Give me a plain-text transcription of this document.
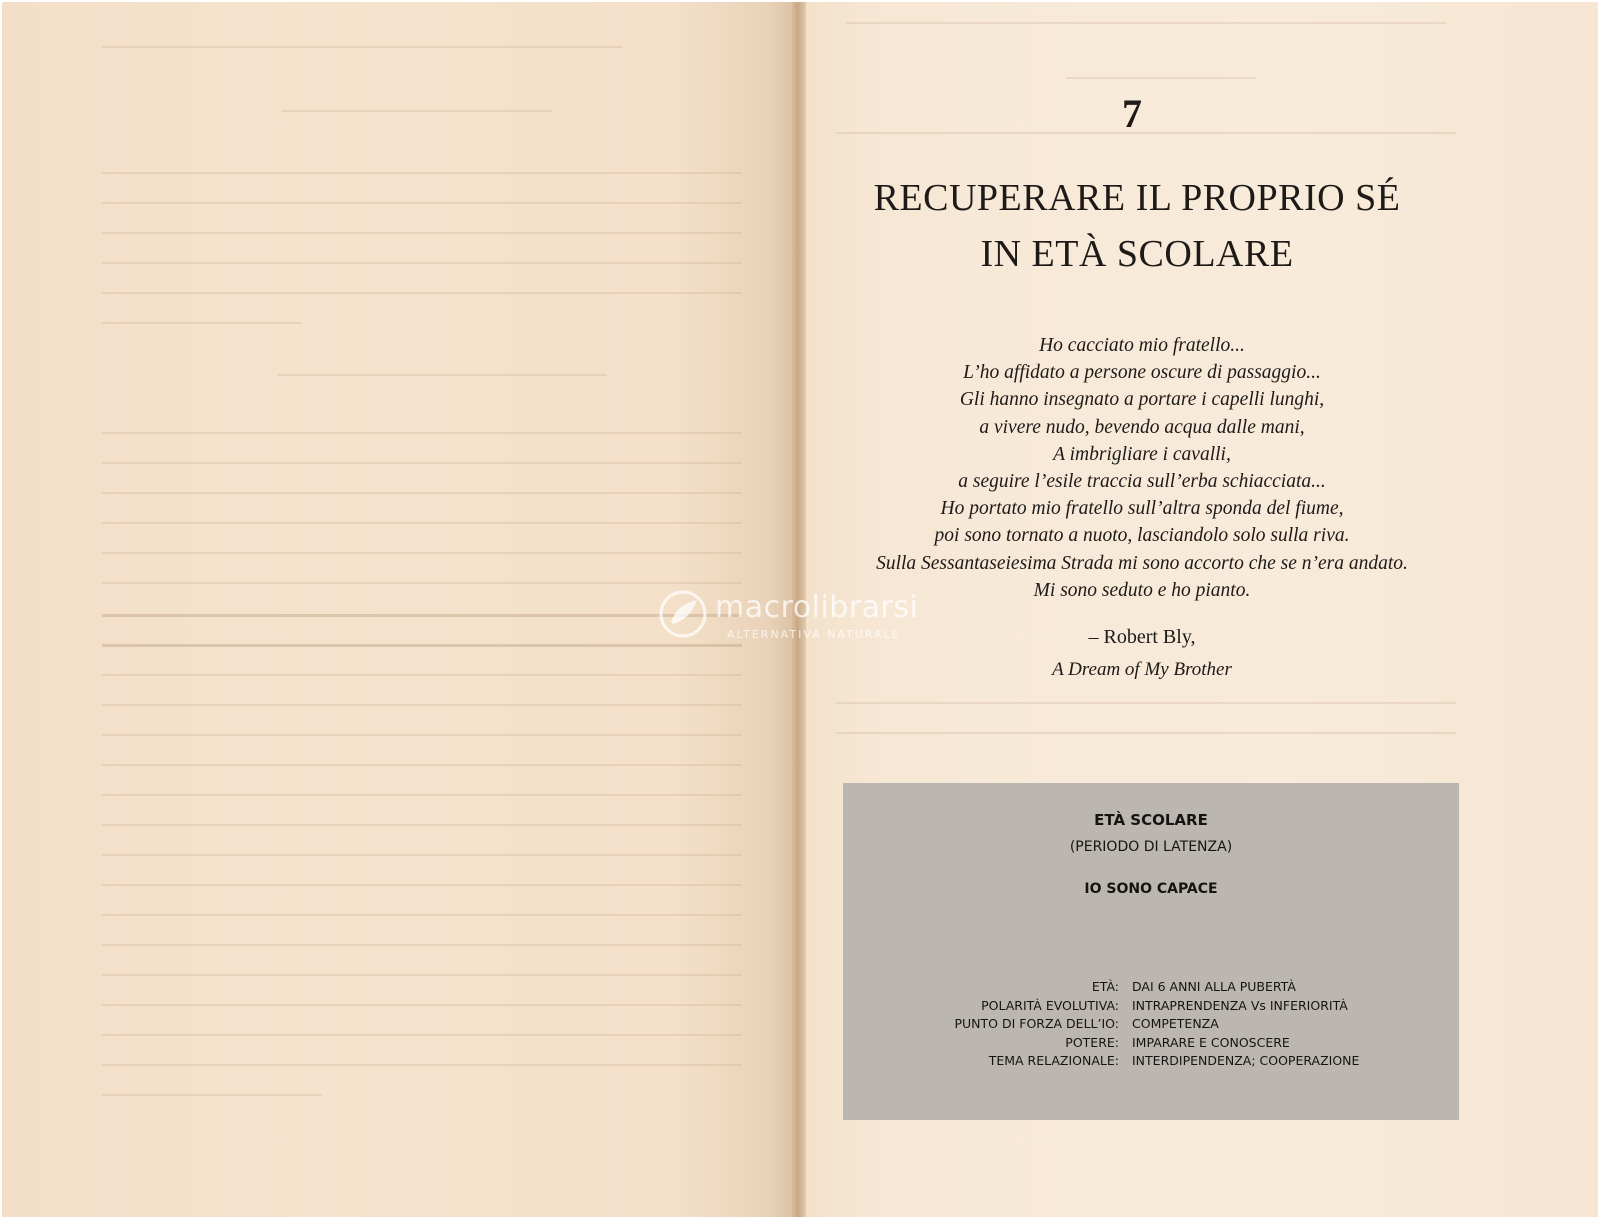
7
RECUPERARE IL PROPRIO SÉ
IN ETÀ SCOLARE
Ho cacciato mio fratello...
L’ho affidato a persone oscure di passaggio...
Gli hanno insegnato a portare i capelli lunghi,
a vivere nudo, bevendo acqua dalle mani,
A imbrigliare i cavalli,
a seguire l’esile traccia sull’erba schiacciata...
Ho portato mio fratello sull’altra sponda del fiume,
poi sono tornato a nuoto, lasciandolo solo sulla riva.
Sulla Sessantaseiesima Strada mi sono accorto che se n’era andato.
Mi sono seduto e ho pianto.
– Robert Bly,
A Dream of My Brother
ETÀ SCOLARE
(PERIODO DI LATENZA)
IO SONO CAPACE
ETÀ: DAI 6 ANNI ALLA PUBERTÀ
POLARITÀ EVOLUTIVA: INTRAPRENDENZA Vs INFERIORITÀ
PUNTO DI FORZA DELL’IO: COMPETENZA
POTERE: IMPARARE E CONOSCERE
TEMA RELAZIONALE: INTERDIPENDENZA; COOPERAZIONE
macrolibrarsi
ALTERNATIVA NATURALE
